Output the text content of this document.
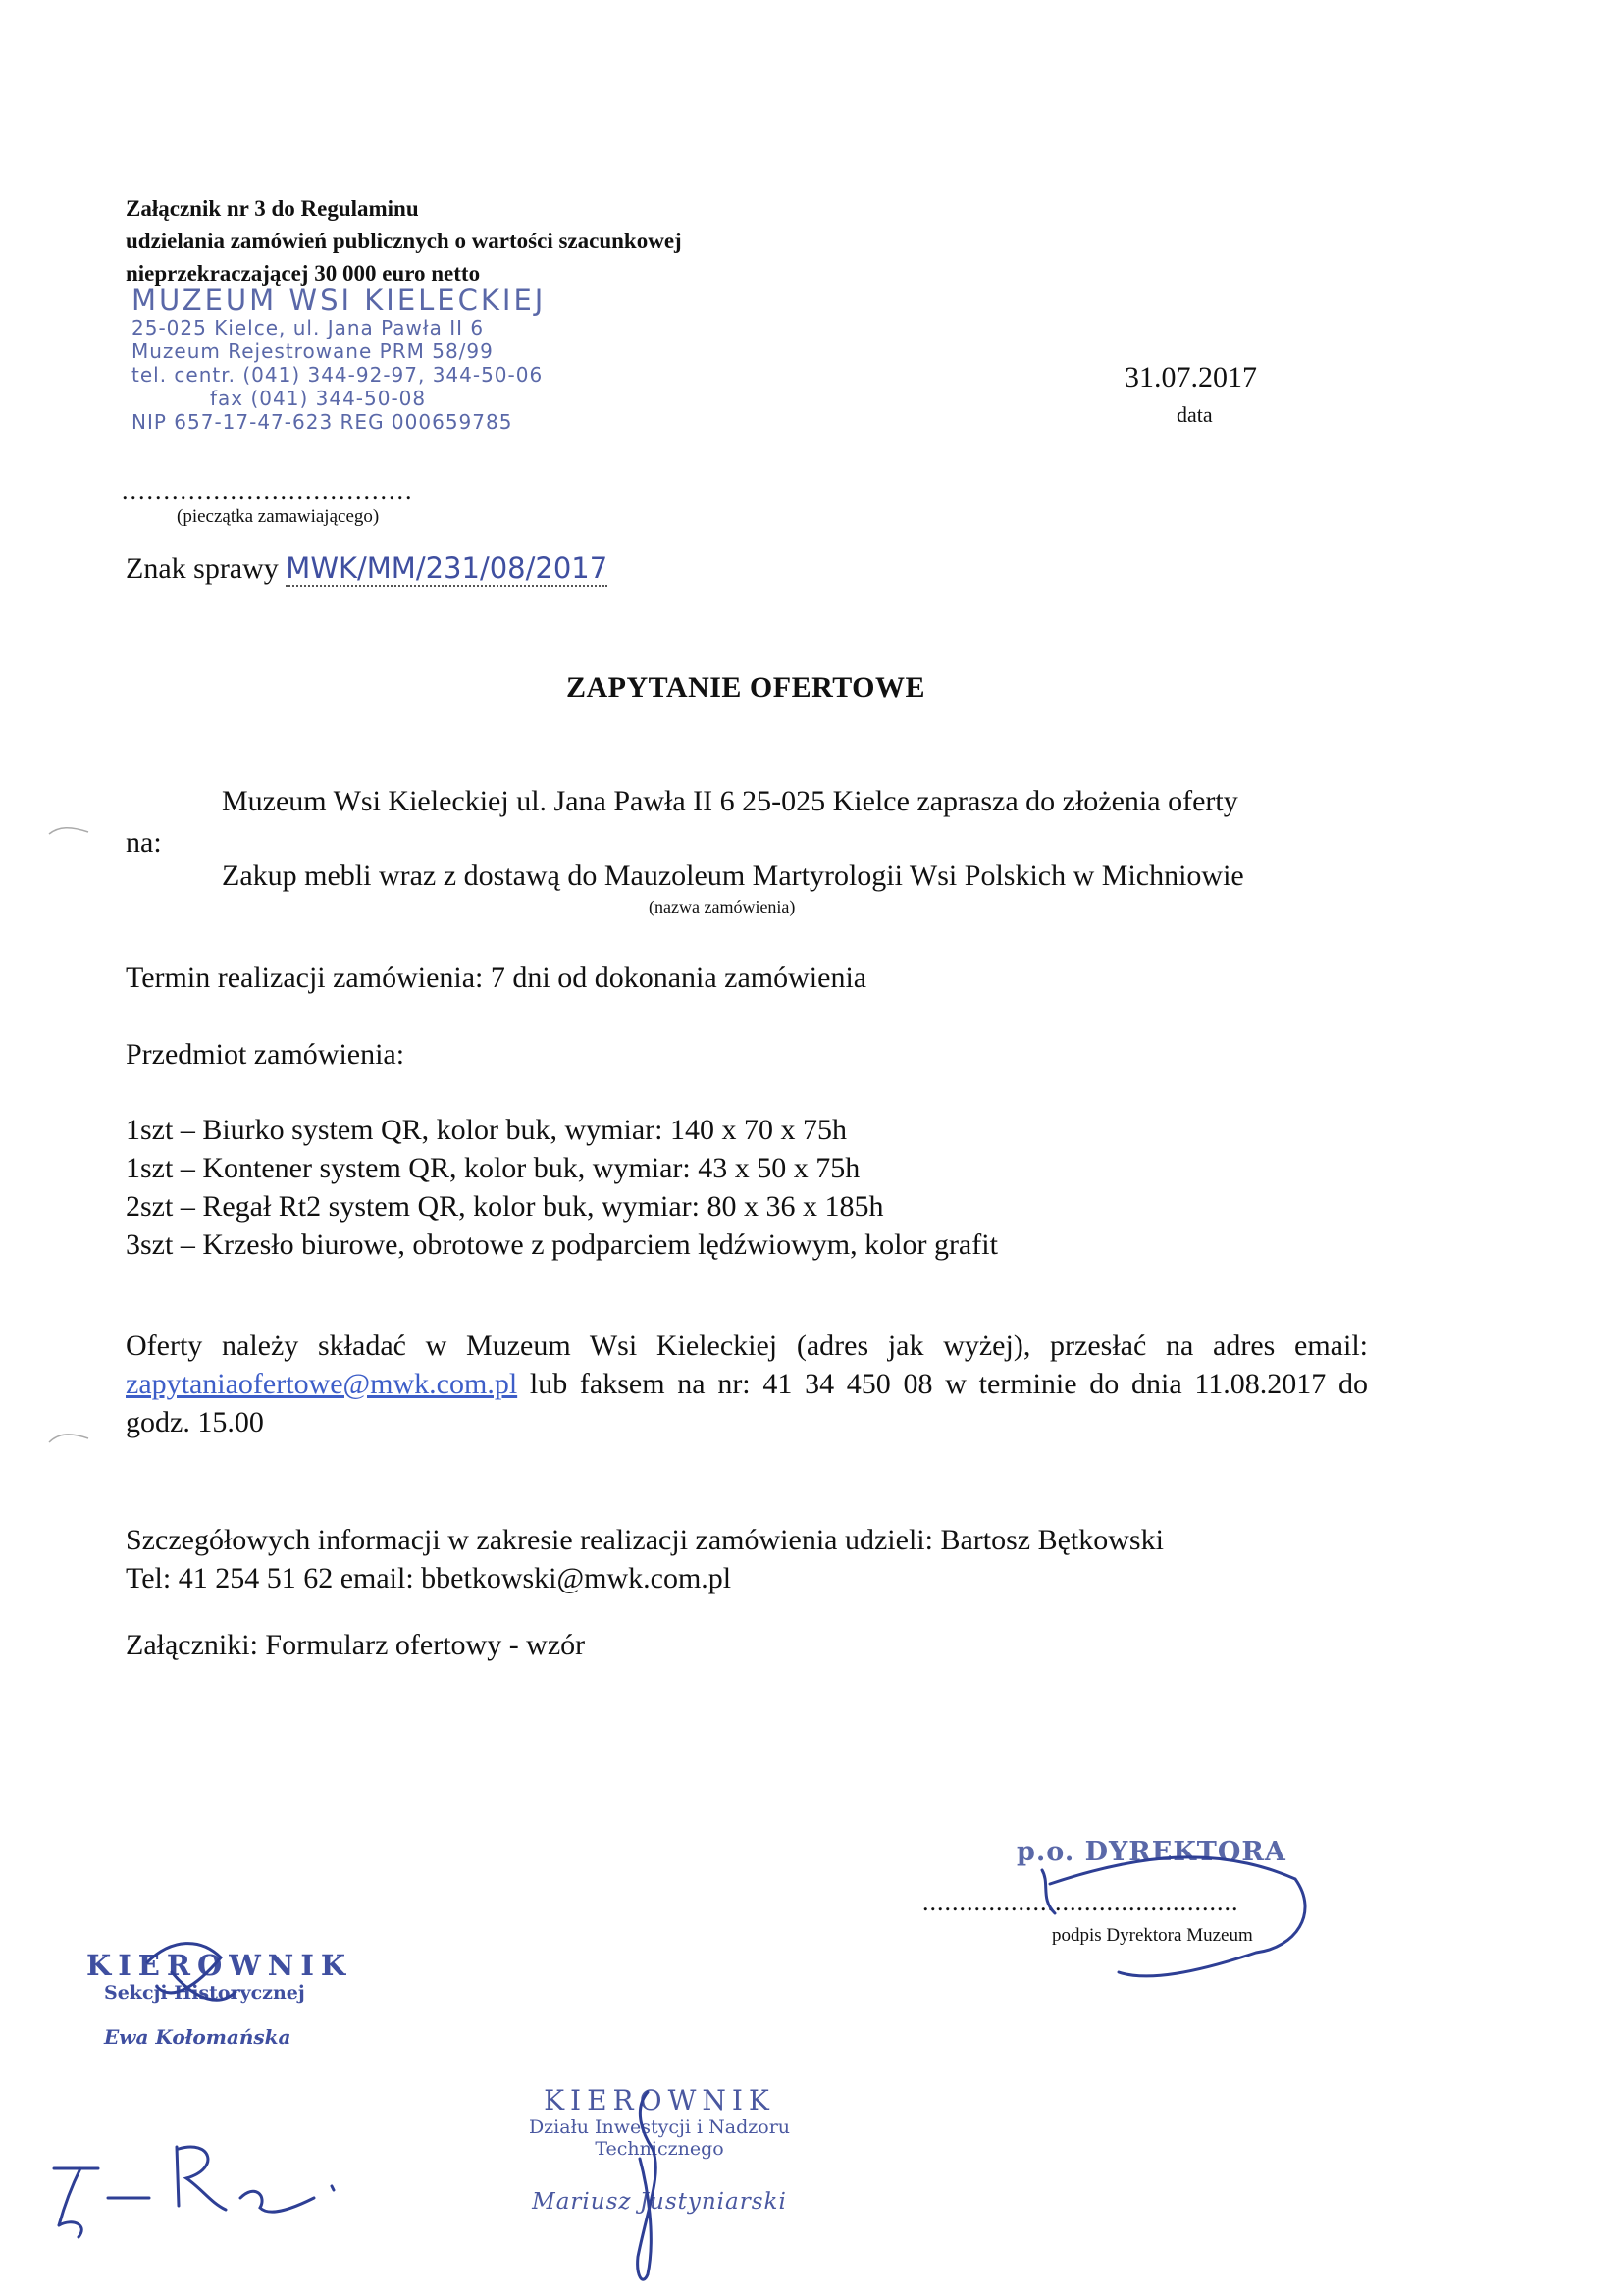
Załącznik nr 3 do Regulaminu
udzielania zamówień publicznych o wartości szacunkowej
nieprzekraczającej 30 000 euro netto
MUZEUM WSI KIELECKIEJ
25-025 Kielce, ul. Jana Pawła II 6
Muzeum Rejestrowane PRM 58/99
tel. centr. (041) 344-92-97, 344-50-06
fax (041) 344-50-08
NIP 657-17-47-623 REG 000659785
...................................
(pieczątka zamawiającego)
31.07.2017
data
Znak sprawy MWK/MM/231/08/2017
ZAPYTANIE OFERTOWE
Muzeum Wsi Kieleckiej ul. Jana Pawła II 6 25-025 Kielce zaprasza do złożenia oferty
na:
Zakup mebli wraz z dostawą do Mauzoleum Martyrologii Wsi Polskich w Michniowie
(nazwa zamówienia)
Termin realizacji zamówienia: 7 dni od dokonania zamówienia
Przedmiot zamówienia:
1szt – Biurko system QR, kolor buk, wymiar: 140 x 70 x 75h
1szt – Kontener system QR, kolor buk, wymiar: 43 x 50 x 75h
2szt – Regał Rt2 system QR, kolor buk, wymiar: 80 x 36 x 185h
3szt – Krzesło biurowe, obrotowe z podparciem lędźwiowym, kolor grafit
Oferty należy składać w Muzeum Wsi Kieleckiej (adres jak wyżej), przesłać na adres email: zapytaniaofertowe@mwk.com.pl lub faksem na nr: 41 34 450 08 w terminie do dnia 11.08.2017 do godz. 15.00
Szczegółowych informacji w zakresie realizacji zamówienia udzieli: Bartosz Bętkowski
Tel: 41 254 51 62 email: bbetkowski@mwk.com.pl
Załączniki: Formularz ofertowy - wzór
p.o. DYREKTORA
...........................................
podpis Dyrektora Muzeum
KIEROWNIK
Sekcji Historycznej
Ewa Kołomańska
KIEROWNIK
Działu Inwestycji i Nadzoru Technicznego
Mariusz Justyniarski
